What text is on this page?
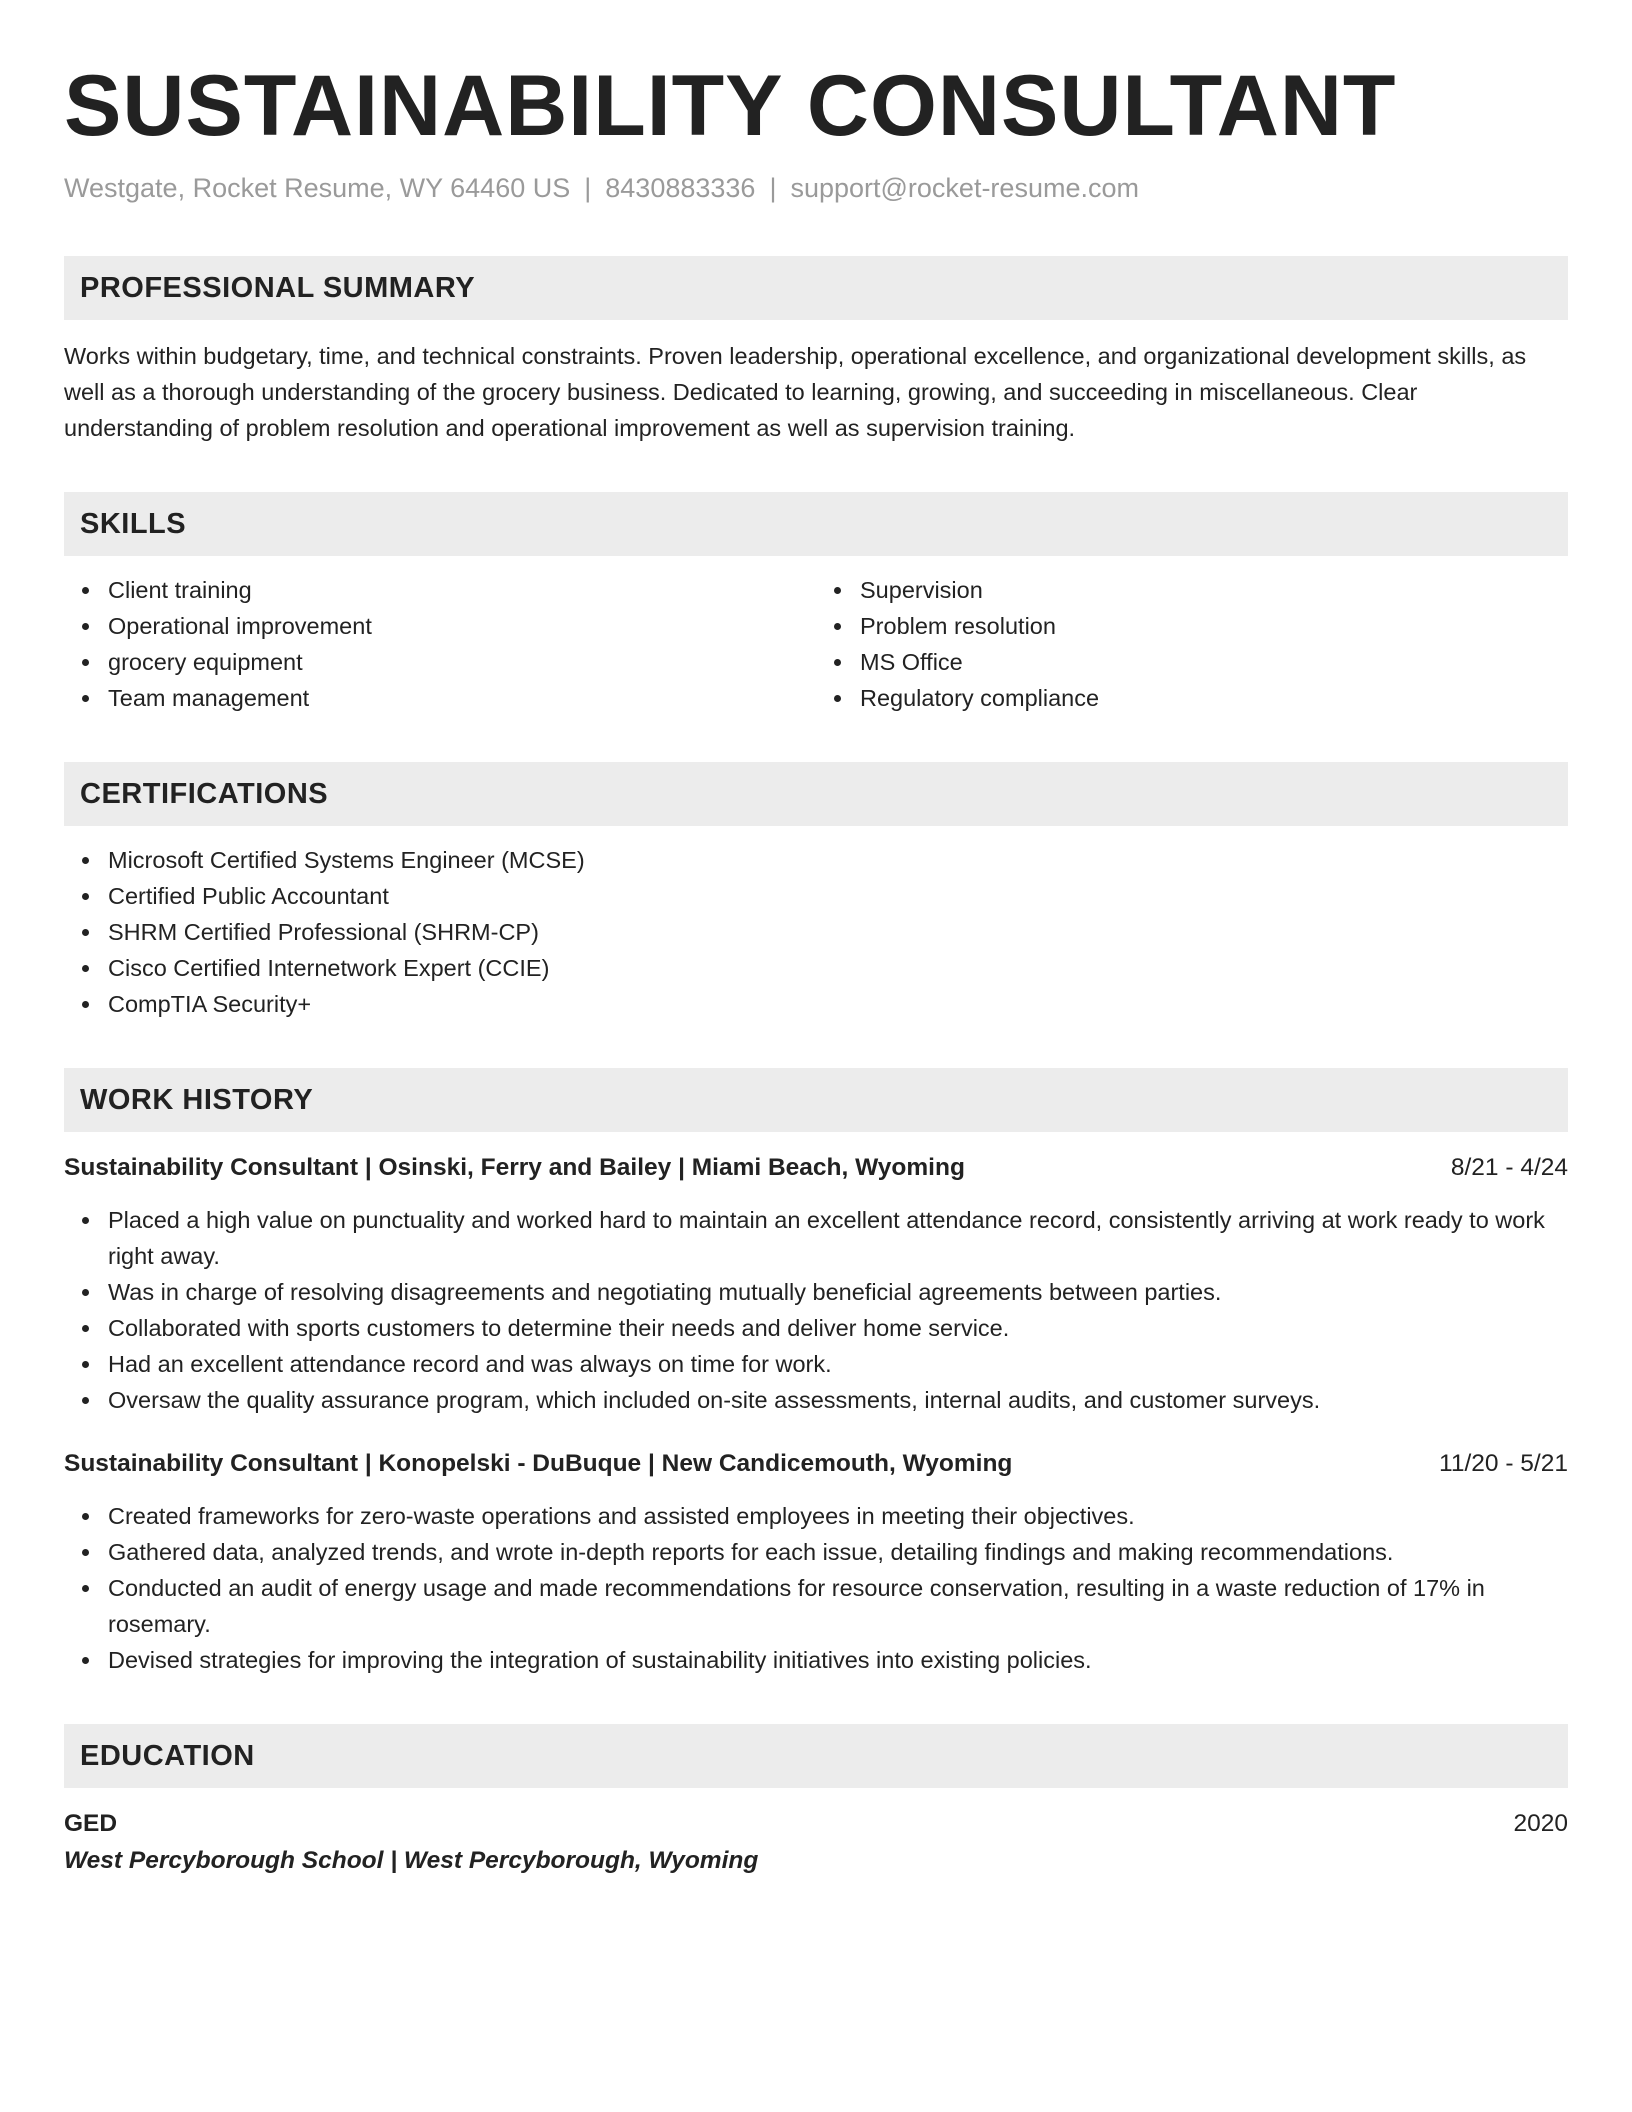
SUSTAINABILITY CONSULTANT
Westgate, Rocket Resume, WY 64460 US | 8430883336 | support@rocket-resume.com
PROFESSIONAL SUMMARY
Works within budgetary, time, and technical constraints. Proven leadership, operational excellence, and organizational development skills, as well as a thorough understanding of the grocery business. Dedicated to learning, growing, and succeeding in miscellaneous. Clear understanding of problem resolution and operational improvement as well as supervision training.
SKILLS
Client training
Operational improvement
grocery equipment
Team management
Supervision
Problem resolution
MS Office
Regulatory compliance
CERTIFICATIONS
Microsoft Certified Systems Engineer (MCSE)
Certified Public Accountant
SHRM Certified Professional (SHRM-CP)
Cisco Certified Internetwork Expert (CCIE)
CompTIA Security+
WORK HISTORY
Sustainability Consultant | Osinski, Ferry and Bailey | Miami Beach, Wyoming	8/21 - 4/24
Placed a high value on punctuality and worked hard to maintain an excellent attendance record, consistently arriving at work ready to work right away.
Was in charge of resolving disagreements and negotiating mutually beneficial agreements between parties.
Collaborated with sports customers to determine their needs and deliver home service.
Had an excellent attendance record and was always on time for work.
Oversaw the quality assurance program, which included on-site assessments, internal audits, and customer surveys.
Sustainability Consultant | Konopelski - DuBuque | New Candicemouth, Wyoming	11/20 - 5/21
Created frameworks for zero-waste operations and assisted employees in meeting their objectives.
Gathered data, analyzed trends, and wrote in-depth reports for each issue, detailing findings and making recommendations.
Conducted an audit of energy usage and made recommendations for resource conservation, resulting in a waste reduction of 17% in rosemary.
Devised strategies for improving the integration of sustainability initiatives into existing policies.
EDUCATION
GED	2020
West Percyborough School | West Percyborough, Wyoming
